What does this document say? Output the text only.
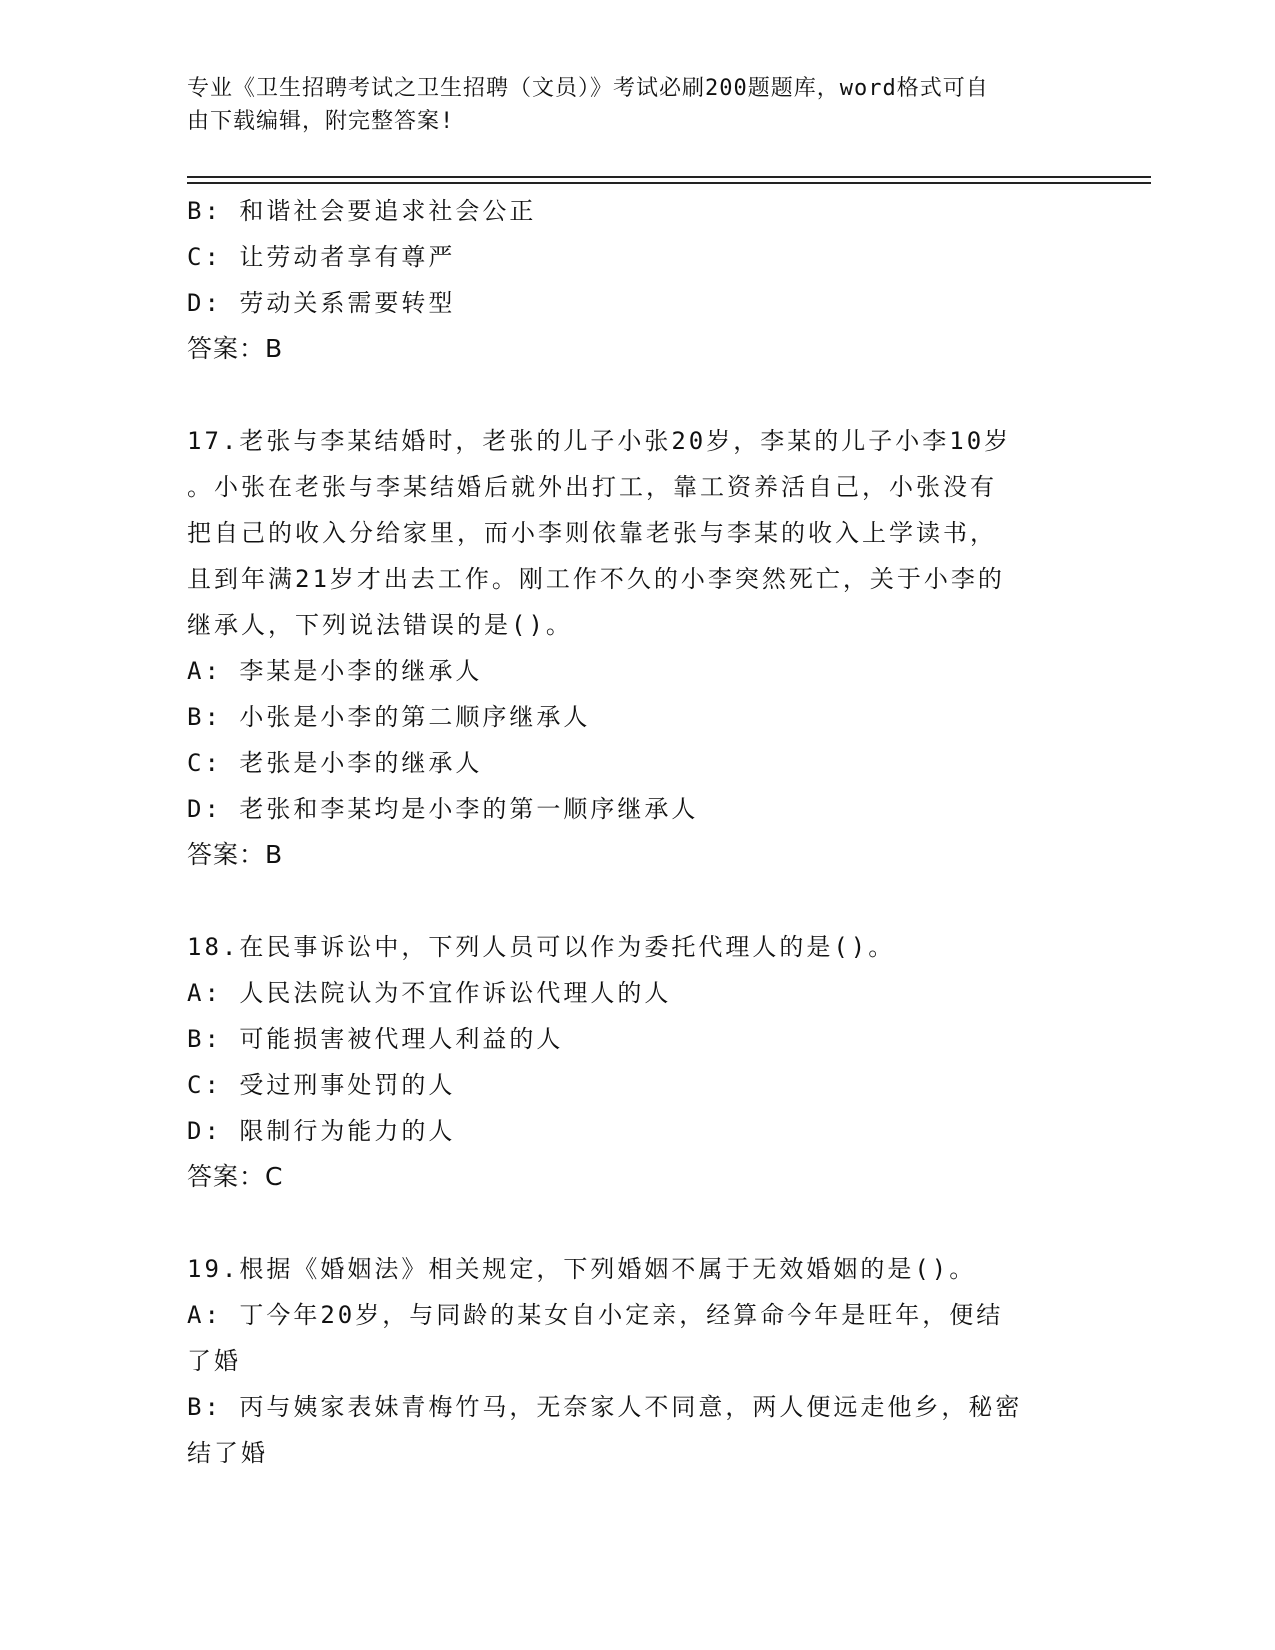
专业《卫生招聘考试之卫生招聘（文员）》考试必刷200题题库，word格式可自
由下载编辑，附完整答案!
B: 和谐社会要追求社会公正
C: 让劳动者享有尊严
D: 劳动关系需要转型
答案：B
17.老张与李某结婚时，老张的儿子小张20岁，李某的儿子小李10岁
。小张在老张与李某结婚后就外出打工，靠工资养活自己，小张没有
把自己的收入分给家里，而小李则依靠老张与李某的收入上学读书，
且到年满21岁才出去工作。刚工作不久的小李突然死亡，关于小李的
继承人，下列说法错误的是()。
A: 李某是小李的继承人
B: 小张是小李的第二顺序继承人
C: 老张是小李的继承人
D: 老张和李某均是小李的第一顺序继承人
答案：B
18.在民事诉讼中，下列人员可以作为委托代理人的是()。
A: 人民法院认为不宜作诉讼代理人的人
B: 可能损害被代理人利益的人
C: 受过刑事处罚的人
D: 限制行为能力的人
答案：C
19.根据《婚姻法》相关规定，下列婚姻不属于无效婚姻的是()。
A: 丁今年20岁，与同龄的某女自小定亲，经算命今年是旺年，便结
了婚
B: 丙与姨家表妹青梅竹马，无奈家人不同意，两人便远走他乡，秘密
结了婚
